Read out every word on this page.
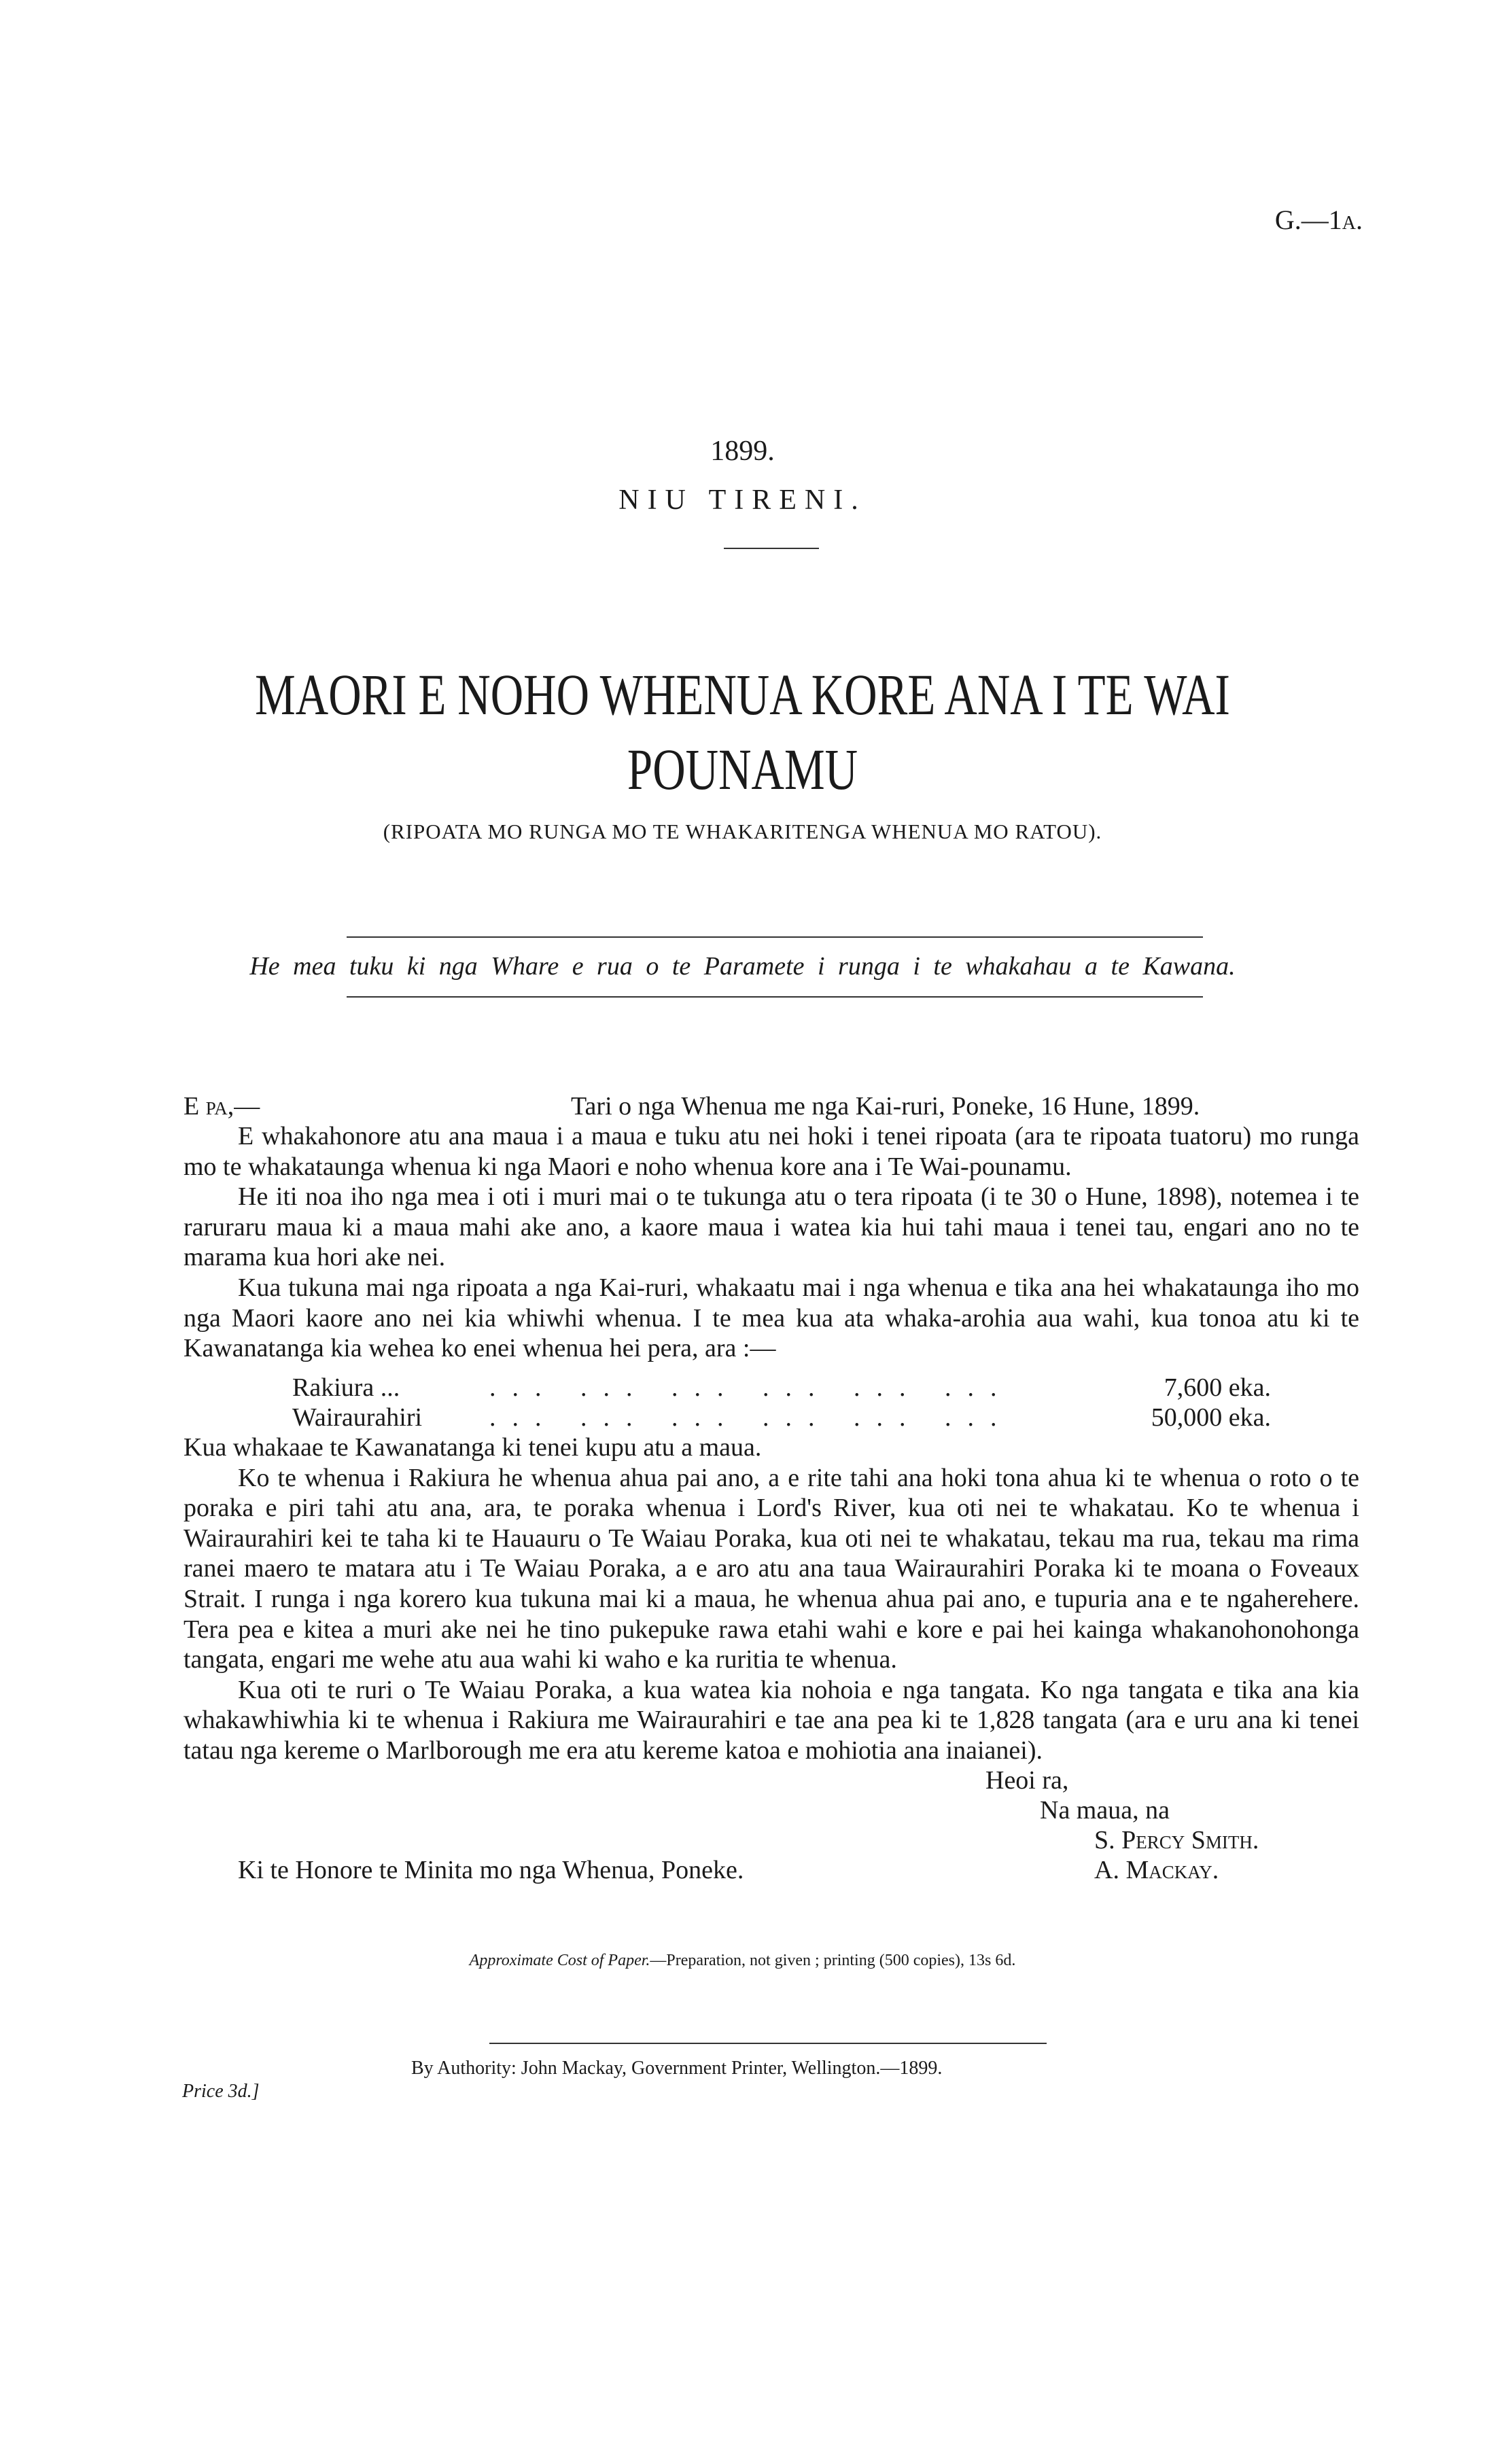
G.—1a.
1899.
NIU TIRENI.
MAORI E NOHO WHENUA KORE ANA I TE WAI
POUNAMU
(RIPOATA MO RUNGA MO TE WHAKARITENGA WHENUA MO RATOU).
He mea tuku ki nga Whare e rua o te Paramete i runga i te whakahau a te Kawana.
E pa,—	Tari o nga Whenua me nga Kai-ruri, Poneke, 16 Hune, 1899.

E whakahonore atu ana maua i a maua e tuku atu nei hoki i tenei ripoata (ara te ripoata tuatoru) mo runga mo te whakataunga whenua ki nga Maori e noho whenua kore ana i Te Wai-pounamu.

He iti noa iho nga mea i oti i muri mai o te tukunga atu o tera ripoata (i te 30 o Hune, 1898), notemea i te raruraru maua ki a maua mahi ake ano, a kaore maua i watea kia hui tahi maua i tenei tau, engari ano no te marama kua hori ake nei.

Kua tukuna mai nga ripoata a nga Kai-ruri, whakaatu mai i nga whenua e tika ana hei whakataunga iho mo nga Maori kaore ano nei kia whiwhi whenua. I te mea kua ata whaka-arohia aua wahi, kua tonoa atu ki te Kawanatanga kia wehea ko enei whenua hei pera, ara :—

Rakiura ...	... ... ... ... ... ...	7,600 eka.
Wairaurahiri	... ... ... ... ... ...	50,000 eka.

Kua whakaae te Kawanatanga ki tenei kupu atu a maua.

Ko te whenua i Rakiura he whenua ahua pai ano, a e rite tahi ana hoki tona ahua ki te whenua o roto o te poraka e piri tahi atu ana, ara, te poraka whenua i Lord's River, kua oti nei te whakatau. Ko te whenua i Wairaurahiri kei te taha ki te Hauauru o Te Waiau Poraka, kua oti nei te whakatau, tekau ma rua, tekau ma rima ranei maero te matara atu i Te Waiau Poraka, a e aro atu ana taua Wairaurahiri Poraka ki te moana o Foveaux Strait. I runga i nga korero kua tukuna mai ki a maua, he whenua ahua pai ano, e tupuria ana e te ngaherehere. Tera pea e kitea a muri ake nei he tino pukepuke rawa etahi wahi e kore e pai hei kainga whakanohonohonga tangata, engari me wehe atu aua wahi ki waho e ka ruritia te whenua.

Kua oti te ruri o Te Waiau Poraka, a kua watea kia nohoia e nga tangata. Ko nga tangata e tika ana kia whakawhiwhia ki te whenua i Rakiura me Wairaurahiri e tae ana pea ki te 1,828 tangata (ara e uru ana ki tenei tatau nga kereme o Marlborough me era atu kereme katoa e mohiotia ana inaianei).

Heoi ra,
Na maua, na
S. Percy Smith.
Ki te Honore te Minita mo nga Whenua, Poneke.	A. Mackay.
Approximate Cost of Paper.—Preparation, not given ; printing (500 copies), 13s 6d.
By Authority: John Mackay, Government Printer, Wellington.—1899.
Price 3d.]
